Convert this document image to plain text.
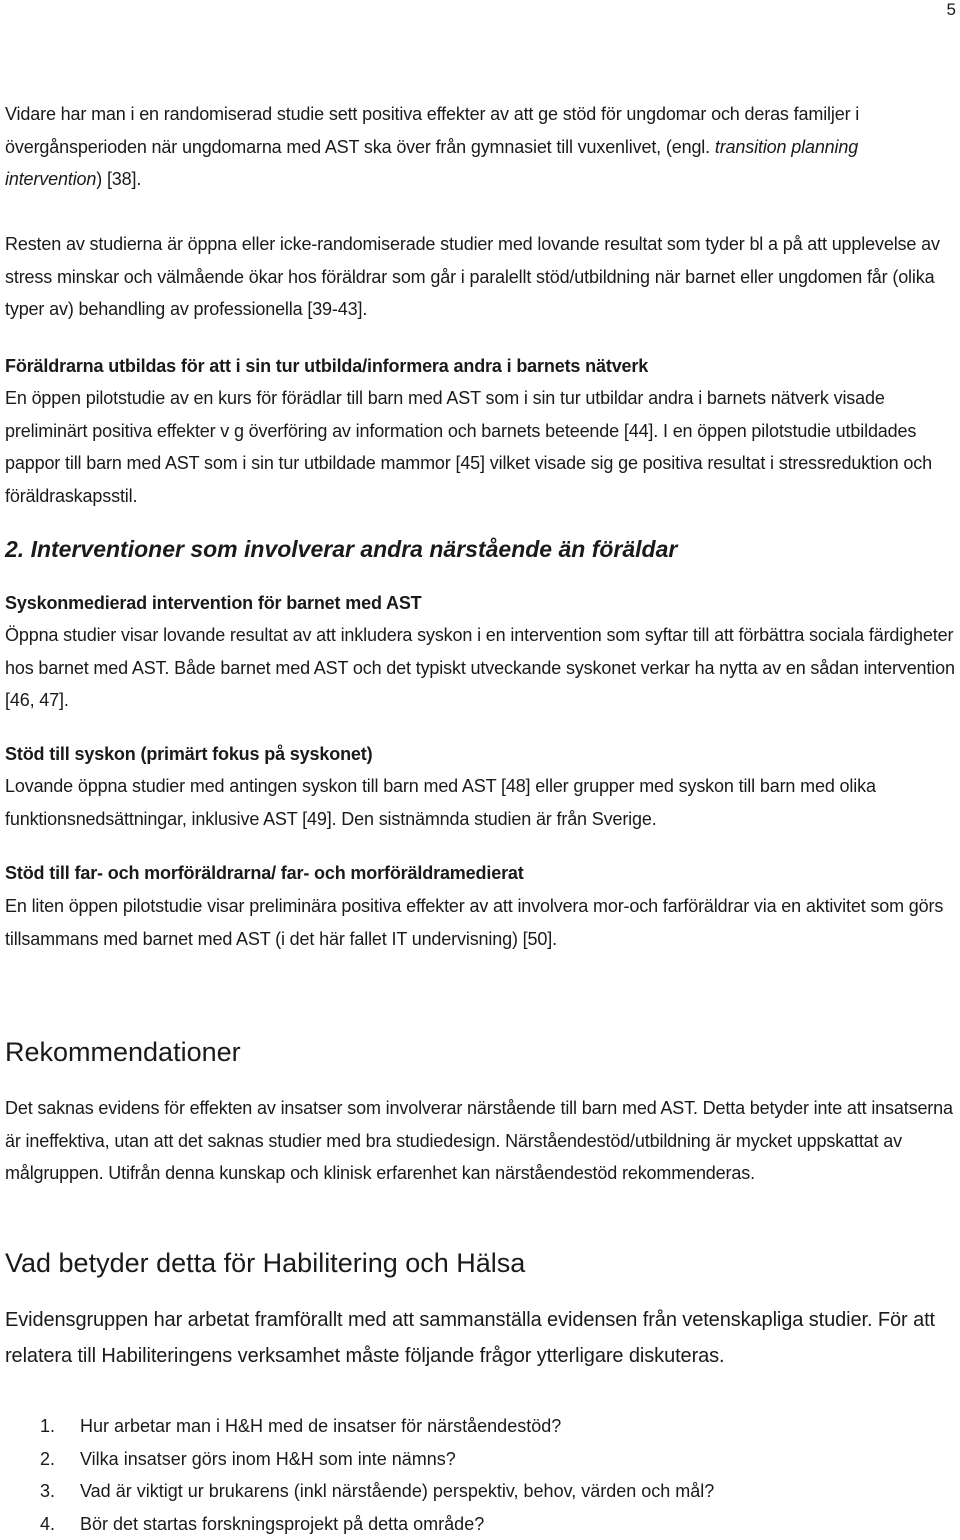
5

Vidare har man i en randomiserad studie sett positiva effekter av att ge stöd för ungdomar och deras familjer i övergånsperioden när ungdomarna med AST ska över från gymnasiet till vuxenlivet, (engl. transition planning intervention) [38].

Resten av studierna är öppna eller icke-randomiserade studier med lovande resultat som tyder bl a på att upplevelse av stress minskar och välmående ökar hos föräldrar som går i paralellt stöd/utbildning när barnet eller ungdomen får (olika typer av) behandling av professionella [39-43].

Föräldrarna utbildas för att i sin tur utbilda/informera andra i barnets nätverk

En öppen pilotstudie av en kurs för förädlar till barn med AST som i sin tur utbildar andra i barnets nätverk visade preliminärt positiva effekter v g överföring av information och barnets beteende [44]. I en öppen pilotstudie utbildades pappor till barn med AST som i sin tur utbildade mammor [45] vilket visade sig ge positiva resultat i stressreduktion och föräldraskapsstil.

2. Interventioner som involverar andra närstående än föräldar
Syskonmedierad intervention för barnet med AST

Öppna studier visar lovande resultat av att inkludera syskon i en intervention som syftar till att förbättra sociala färdigheter hos barnet med AST. Både barnet med AST och det typiskt utveckande syskonet verkar ha nytta av en sådan intervention [46, 47].

Stöd till syskon (primärt fokus på syskonet)

Lovande öppna studier med antingen syskon till barn med AST [48] eller grupper med syskon till barn med olika funktionsnedsättningar, inklusive AST [49]. Den sistnämnda studien är från Sverige.

Stöd till far- och morföräldrarna/ far- och morföräldramedierat

En liten öppen pilotstudie visar preliminära positiva effekter av att involvera mor-och farföräldrar via en aktivitet som görs tillsammans med barnet med AST (i det här fallet IT undervisning) [50].

Rekommendationer

Det saknas evidens för effekten av insatser som involverar närstående till barn med AST. Detta betyder inte att insatserna är ineffektiva, utan att det saknas studier med bra studiedesign. Närståendestöd/utbildning är mycket uppskattat av målgruppen. Utifrån denna kunskap och klinisk erfarenhet kan närståendestöd rekommenderas.

Vad betyder detta för Habilitering och Hälsa

Evidensgruppen har arbetat framförallt med att sammanställa evidensen från vetenskapliga studier. För att relatera till Habiliteringens verksamhet måste följande frågor ytterligare diskuteras.

1. Hur arbetar man i H&H med de insatser för närståendestöd?
2. Vilka insatser görs inom H&H som inte nämns?
3. Vad är viktigt ur brukarens (inkl närstående) perspektiv, behov, värden och mål?
4. Bör det startas forskningsprojekt på detta område?
